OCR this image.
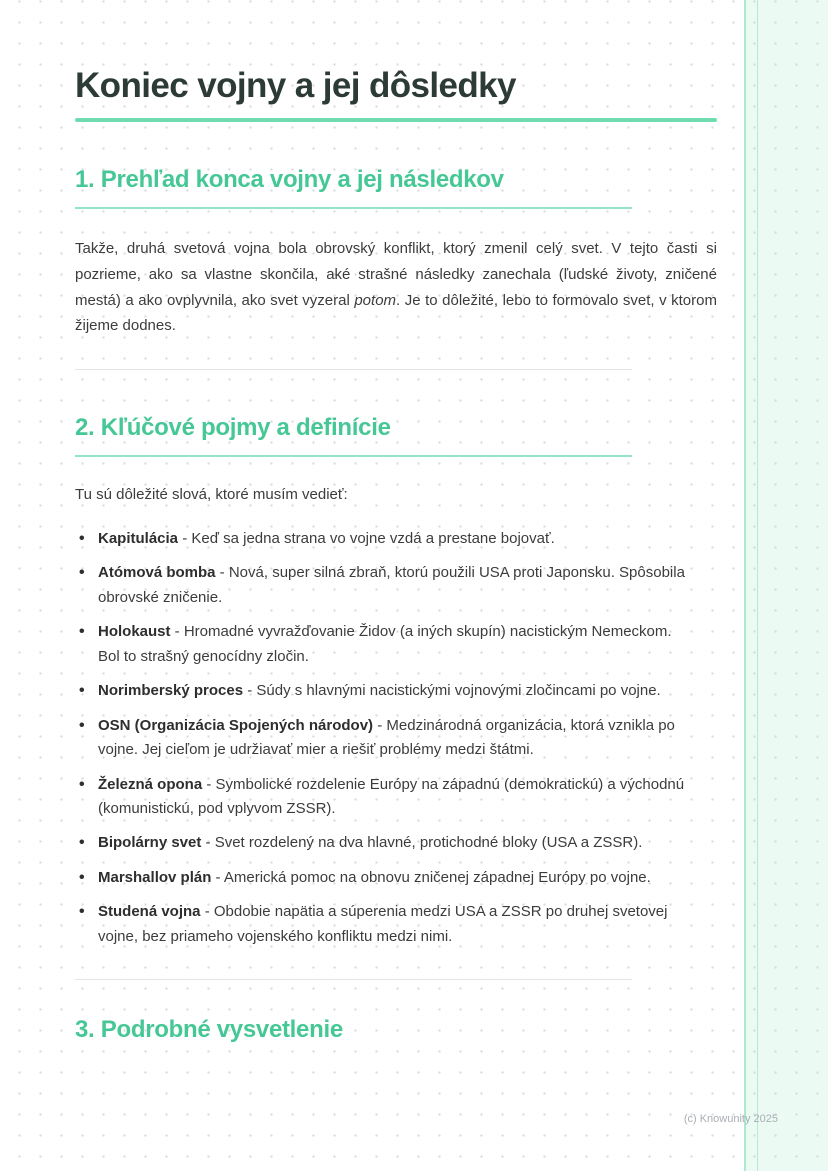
Koniec vojny a jej dôsledky
1. Prehľad konca vojny a jej následkov

Takže, druhá svetová vojna bola obrovský konflikt, ktorý zmenil celý svet. V tejto časti si pozrieme, ako sa vlastne skončila, aké strašné následky zanechala (ľudské životy, zničené mestá) a ako ovplyvnila, ako svet vyzeral potom. Je to dôležité, lebo to formovalo svet, v ktorom žijeme dodnes.

2. Kľúčové pojmy a definície

Tu sú dôležité slová, ktoré musím vedieť:

• Kapitulácia - Keď sa jedna strana vo vojne vzdá a prestane bojovať.
• Atómová bomba - Nová, super silná zbraň, ktorú použili USA proti Japonsku. Spôsobila obrovské zničenie.
• Holokaust - Hromadné vyvražďovanie Židov (a iných skupín) nacistickým Nemeckom. Bol to strašný genocídny zločin.
• Norimberský proces - Súdy s hlavnými nacistickými vojnovými zločincami po vojne.
• OSN (Organizácia Spojených národov) - Medzinárodná organizácia, ktorá vznikla po vojne. Jej cieľom je udržiavať mier a riešiť problémy medzi štátmi.
• Železná opona - Symbolické rozdelenie Európy na západnú (demokratickú) a východnú (komunistickú, pod vplyvom ZSSR).
• Bipolárny svet - Svet rozdelený na dva hlavné, protichodné bloky (USA a ZSSR).
• Marshallov plán - Americká pomoc na obnovu zničenej západnej Európy po vojne.
• Studená vojna - Obdobie napätia a súperenia medzi USA a ZSSR po druhej svetovej vojne, bez priameho vojenského konfliktu medzi nimi.
3. Podrobné vysvetlenie
(c) Knowunity 2025
